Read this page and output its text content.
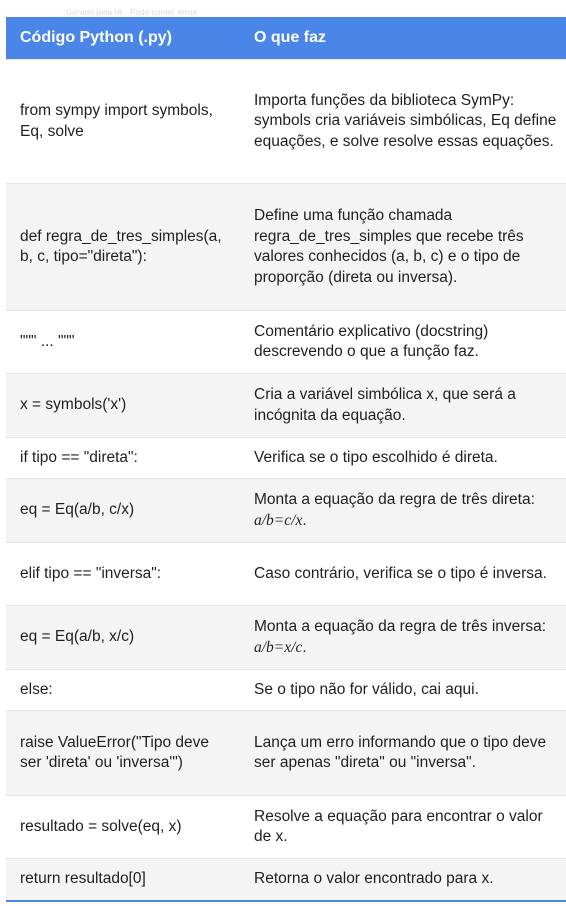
Gerado pela IA · Pode conter erros
Código Python (.py)	O que faz
from sympy import symbols, Eq, solve	Importa funções da biblioteca SymPy: symbols cria variáveis simbólicas, Eq define equações, e solve resolve essas equações.
def regra_de_tres_simples(a, b, c, tipo="direta"):	Define uma função chamada regra_de_tres_simples que recebe três valores conhecidos (a, b, c) e o tipo de proporção (direta ou inversa).
""" ... """	Comentário explicativo (docstring) descrevendo o que a função faz.
x = symbols('x')	Cria a variável simbólica x, que será a incógnita da equação.
if tipo == "direta":	Verifica se o tipo escolhido é direta.
eq = Eq(a/b, c/x)	Monta a equação da regra de três direta: a/b=c/x.
elif tipo == "inversa":	Caso contrário, verifica se o tipo é inversa.
eq = Eq(a/b, x/c)	Monta a equação da regra de três inversa: a/b=x/c.
else:	Se o tipo não for válido, cai aqui.
raise ValueError("Tipo deve ser 'direta' ou 'inversa'")	Lança um erro informando que o tipo deve ser apenas "direta" ou "inversa".
resultado = solve(eq, x)	Resolve a equação para encontrar o valor de x.
return resultado[0]	Retorna o valor encontrado para x.
